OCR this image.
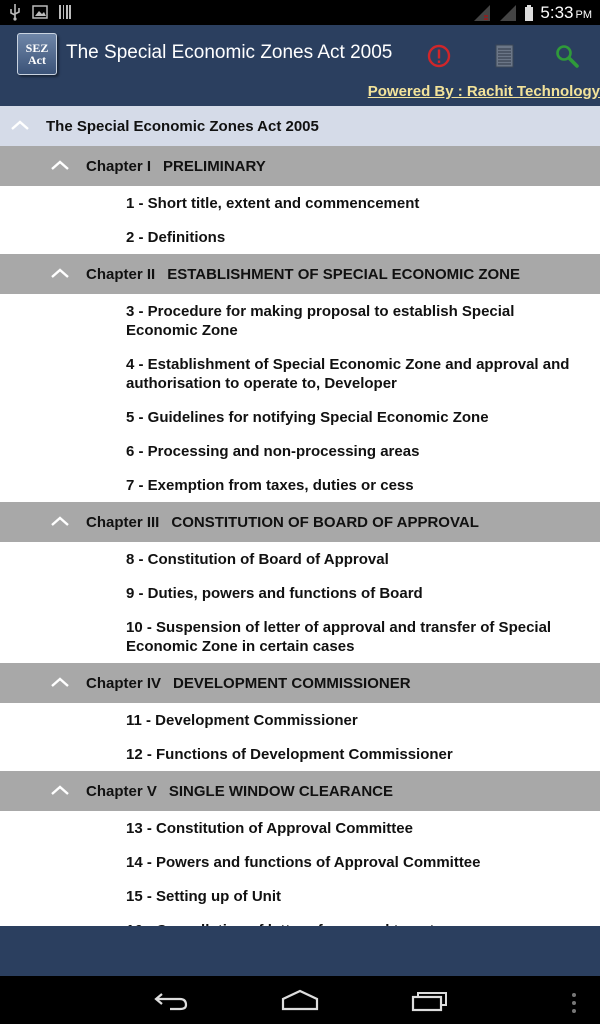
5:33 PM
SEZ
Act	The Special Economic Zones Act 2005
Powered By : Rachit Technology
The Special Economic Zones Act 2005
Chapter I PRELIMINARY
1 - Short title, extent and commencement
2 - Definitions
Chapter II ESTABLISHMENT OF SPECIAL ECONOMIC ZONE
3 - Procedure for making proposal to establish Special Economic Zone
4 - Establishment of Special Economic Zone and approval and authorisation to operate to, Developer
5 - Guidelines for notifying Special Economic Zone
6 - Processing and non-processing areas
7 - Exemption from taxes, duties or cess
Chapter III CONSTITUTION OF BOARD OF APPROVAL
8 - Constitution of Board of Approval
9 - Duties, powers and functions of Board
10 - Suspension of letter of approval and transfer of Special Economic Zone in certain cases
Chapter IV DEVELOPMENT COMMISSIONER
11 - Development Commissioner
12 - Functions of Development Commissioner
Chapter V SINGLE WINDOW CLEARANCE
13 - Constitution of Approval Committee
14 - Powers and functions of Approval Committee
15 - Setting up of Unit
